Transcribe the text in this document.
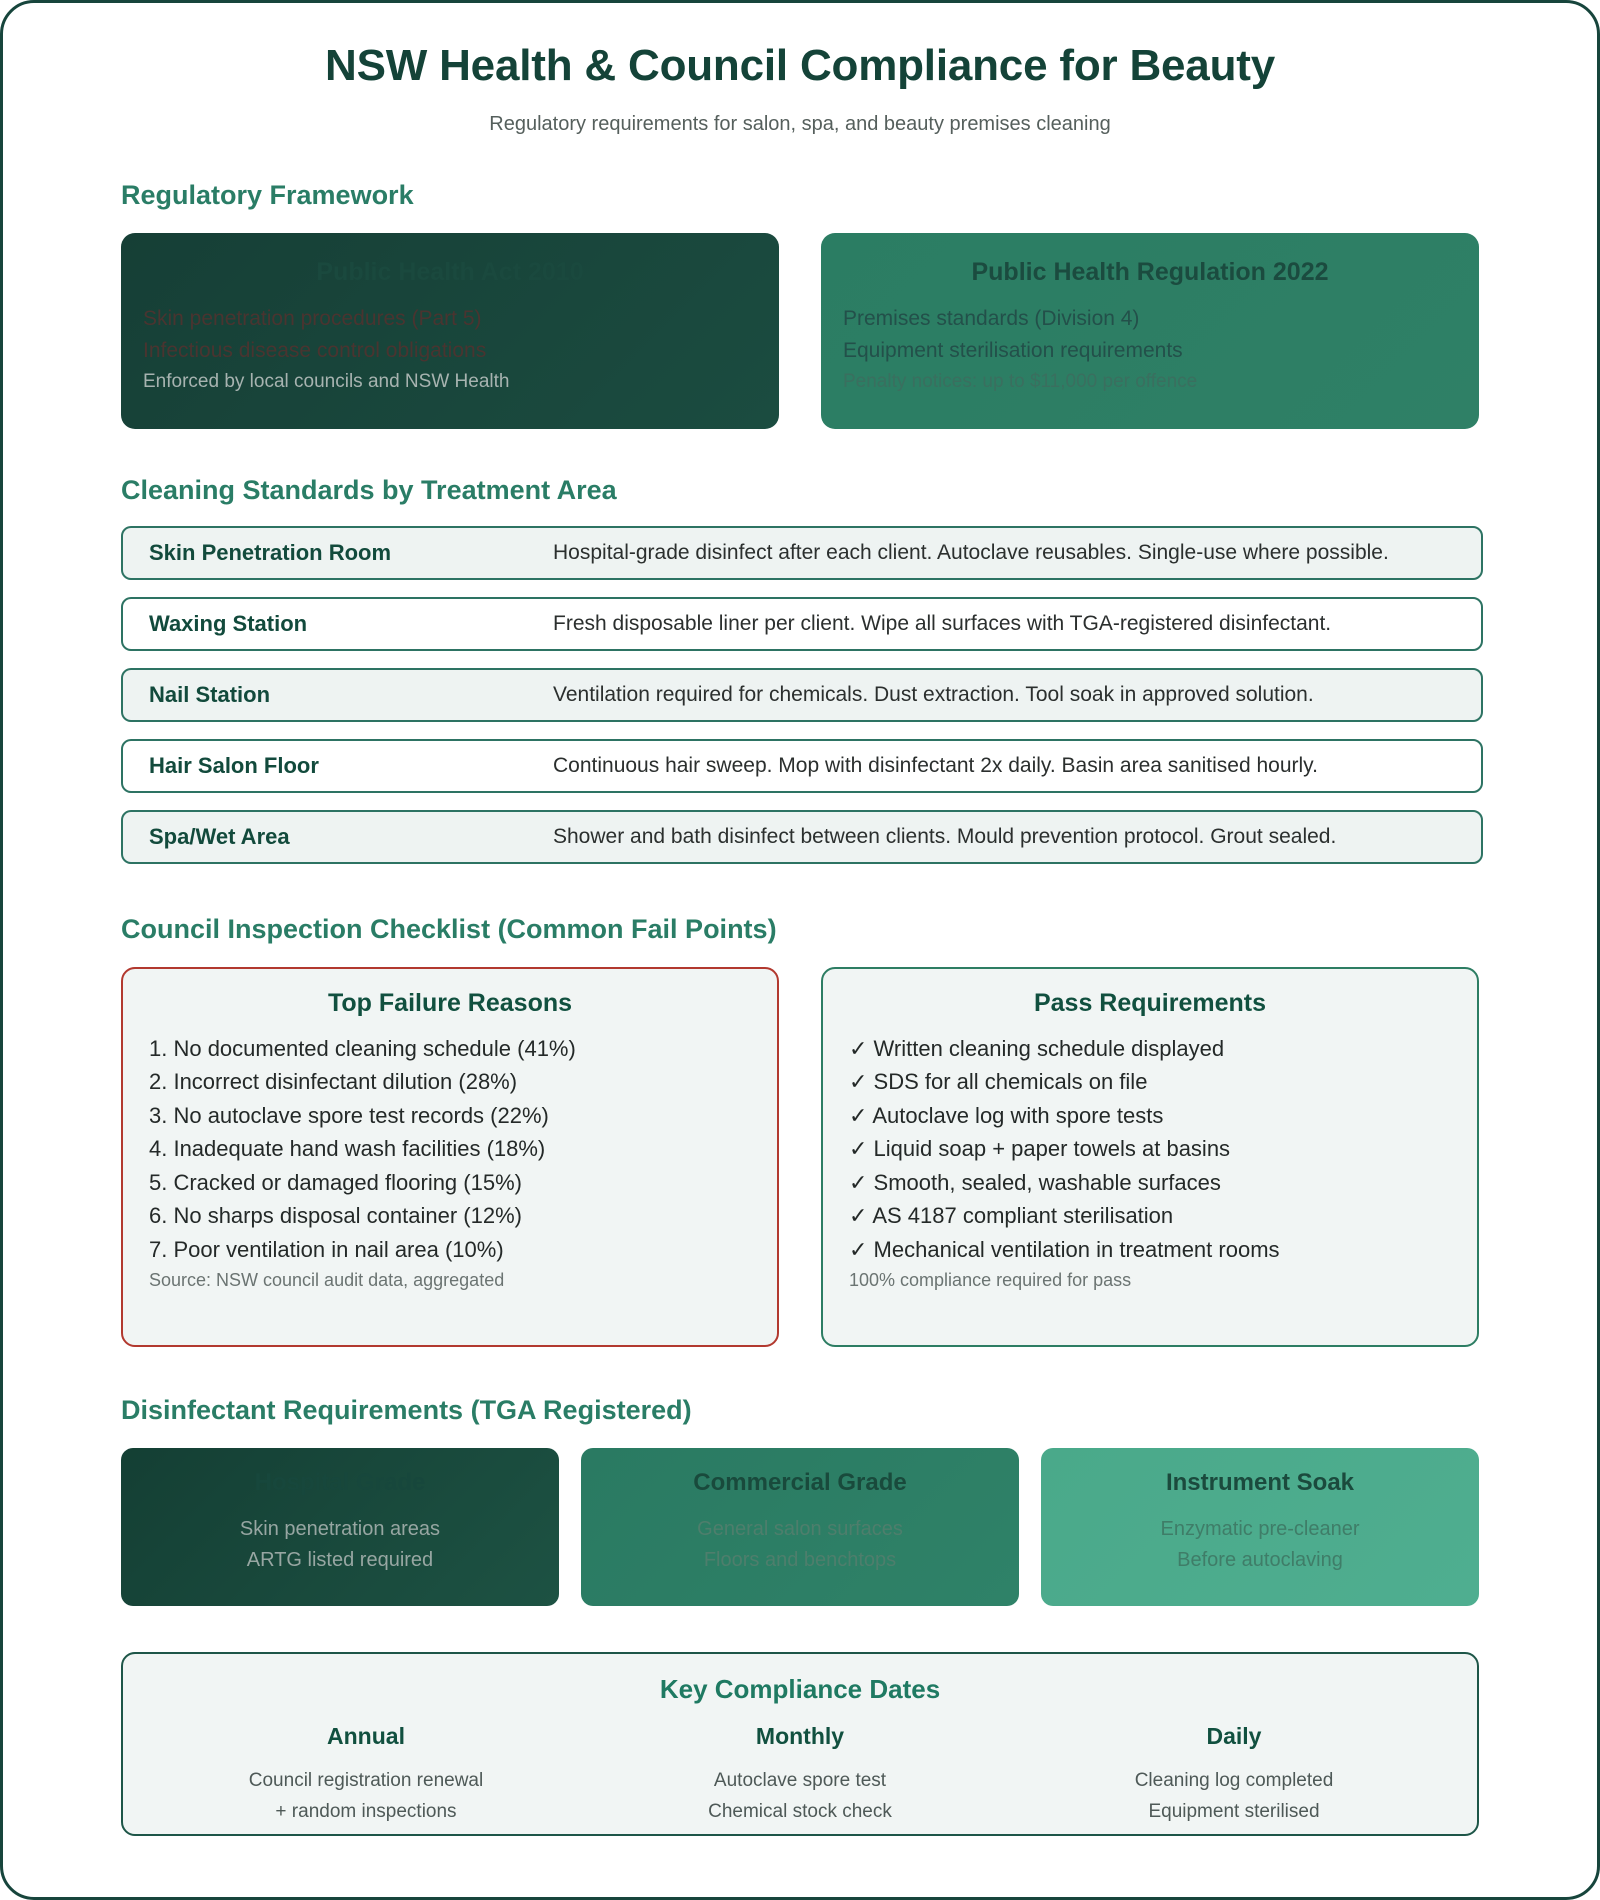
NSW Health & Council Compliance for Beauty

Regulatory requirements for salon, spa, and beauty premises cleaning

Regulatory Framework
Public Health Act 2010

Skin penetration procedures (Part 5)

Infectious disease control obligations

Enforced by local councils and NSW Health

Public Health Regulation 2022

Premises standards (Division 4)

Equipment sterilisation requirements

Penalty notices: up to $11,000 per offence

Cleaning Standards by Treatment Area
Skin Penetration Room	Hospital-grade disinfect after each client. Autoclave reusables. Single-use where possible.
Waxing Station	Fresh disposable liner per client. Wipe all surfaces with TGA-registered disinfectant.
Nail Station	Ventilation required for chemicals. Dust extraction. Tool soak in approved solution.
Hair Salon Floor	Continuous hair sweep. Mop with disinfectant 2x daily. Basin area sanitised hourly.
Spa/Wet Area	Shower and bath disinfect between clients. Mould prevention protocol. Grout sealed.
Council Inspection Checklist (Common Fail Points)
Top Failure Reasons
1. No documented cleaning schedule (41%)
2. Incorrect disinfectant dilution (28%)
3. No autoclave spore test records (22%)
4. Inadequate hand wash facilities (18%)
5. Cracked or damaged flooring (15%)
6. No sharps disposal container (12%)
7. Poor ventilation in nail area (10%)
Source: NSW council audit data, aggregated
Pass Requirements
✓ Written cleaning schedule displayed
✓ SDS for all chemicals on file
✓ Autoclave log with spore tests
✓ Liquid soap + paper towels at basins
✓ Smooth, sealed, washable surfaces
✓ AS 4187 compliant sterilisation
✓ Mechanical ventilation in treatment rooms
100% compliance required for pass
Disinfectant Requirements (TGA Registered)
Hospital Grade

Skin penetration areas

ARTG listed required

Commercial Grade

General salon surfaces

Floors and benchtops

Instrument Soak

Enzymatic pre-cleaner

Before autoclaving

Key Compliance Dates
Annual
Council registration renewal
+ random inspections
Monthly
Autoclave spore test
Chemical stock check
Daily
Cleaning log completed
Equipment sterilised
